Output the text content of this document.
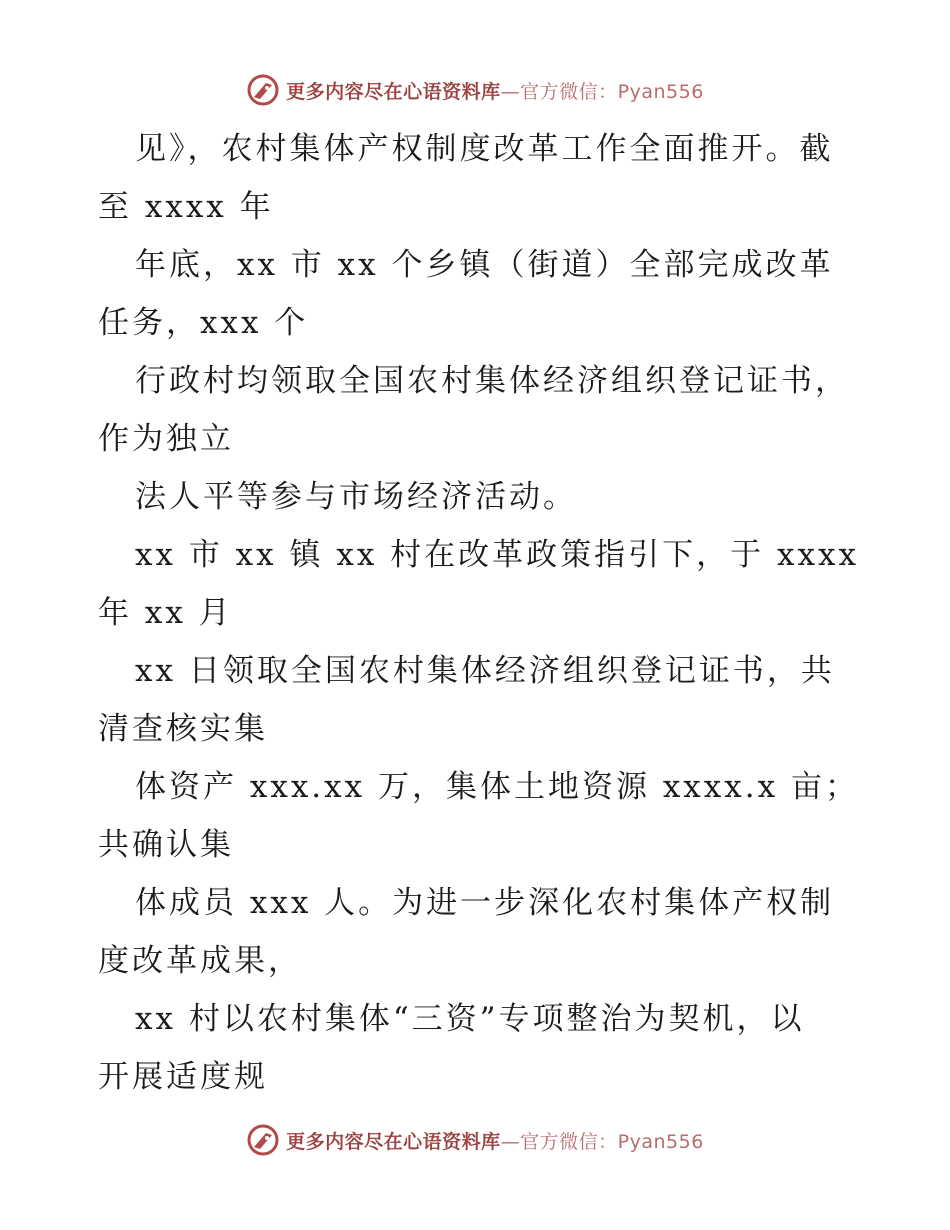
更多内容尽在心语资料库—官方微信：Pyan556
见》，农村集体产权制度改革工作全面推开。截
至 xxxx 年
年底，xx 市 xx 个乡镇（街道）全部完成改革
任务，xxx 个
行政村均领取全国农村集体经济组织登记证书，
作为独立
法人平等参与市场经济活动。
xx 市 xx 镇 xx 村在改革政策指引下，于 xxxx
年 xx 月
xx 日领取全国农村集体经济组织登记证书，共
清查核实集
体资产 xxx.xx 万，集体土地资源 xxxx.x 亩；
共确认集
体成员 xxx 人。为进一步深化农村集体产权制
度改革成果，
xx 村以农村集体“三资”专项整治为契机，以
开展适度规
更多内容尽在心语资料库—官方微信：Pyan556
